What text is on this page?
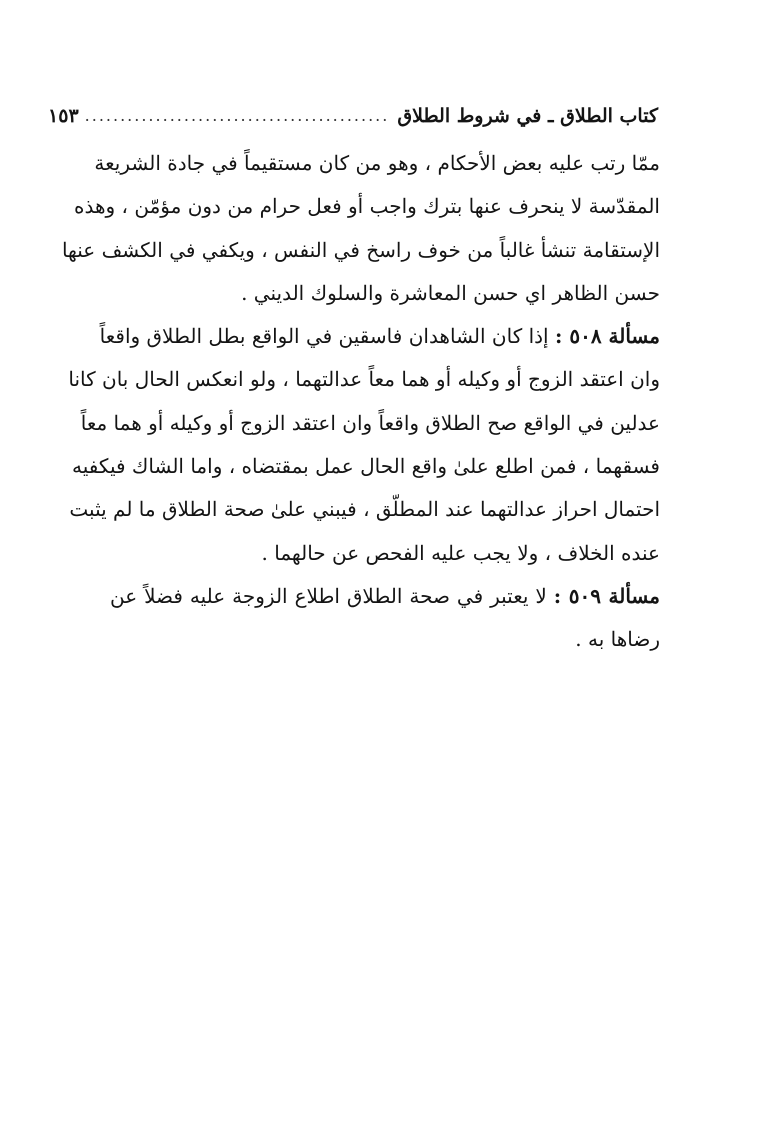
كتاب الطلاق ـ في شروط الطلاق
...........................................
١٥٣

ممّا رتب عليه بعض الأحكام ، وهو من كان مستقيماً في جادة الشريعة
المقدّسة لا ينحرف عنها بترك واجب أو فعل حرام من دون مؤمّن ، وهذه
الإستقامة تنشأ غالباً من خوف راسخ في النفس ، ويكفي في الكشف عنها
حسن الظاهر اي حسن المعاشرة والسلوك الديني .

مسألة ٥٠٨ : إذا كان الشاهدان فاسقين في الواقع بطل الطلاق واقعاً
وان اعتقد الزوج أو وكيله أو هما معاً عدالتهما ، ولو انعكس الحال بان كانا
عدلين في الواقع صح الطلاق واقعاً وان اعتقد الزوج أو وكيله أو هما معاً
فسقهما ، فمن اطلع علىٰ واقع الحال عمل بمقتضاه ، واما الشاك فيكفيه
احتمال احراز عدالتهما عند المطلّق ، فيبني علىٰ صحة الطلاق ما لم يثبت
عنده الخلاف ، ولا يجب عليه الفحص عن حالهما .

مسألة ٥٠٩ : لا يعتبر في صحة الطلاق اطلاع الزوجة عليه فضلاً عن
رضاها به .
